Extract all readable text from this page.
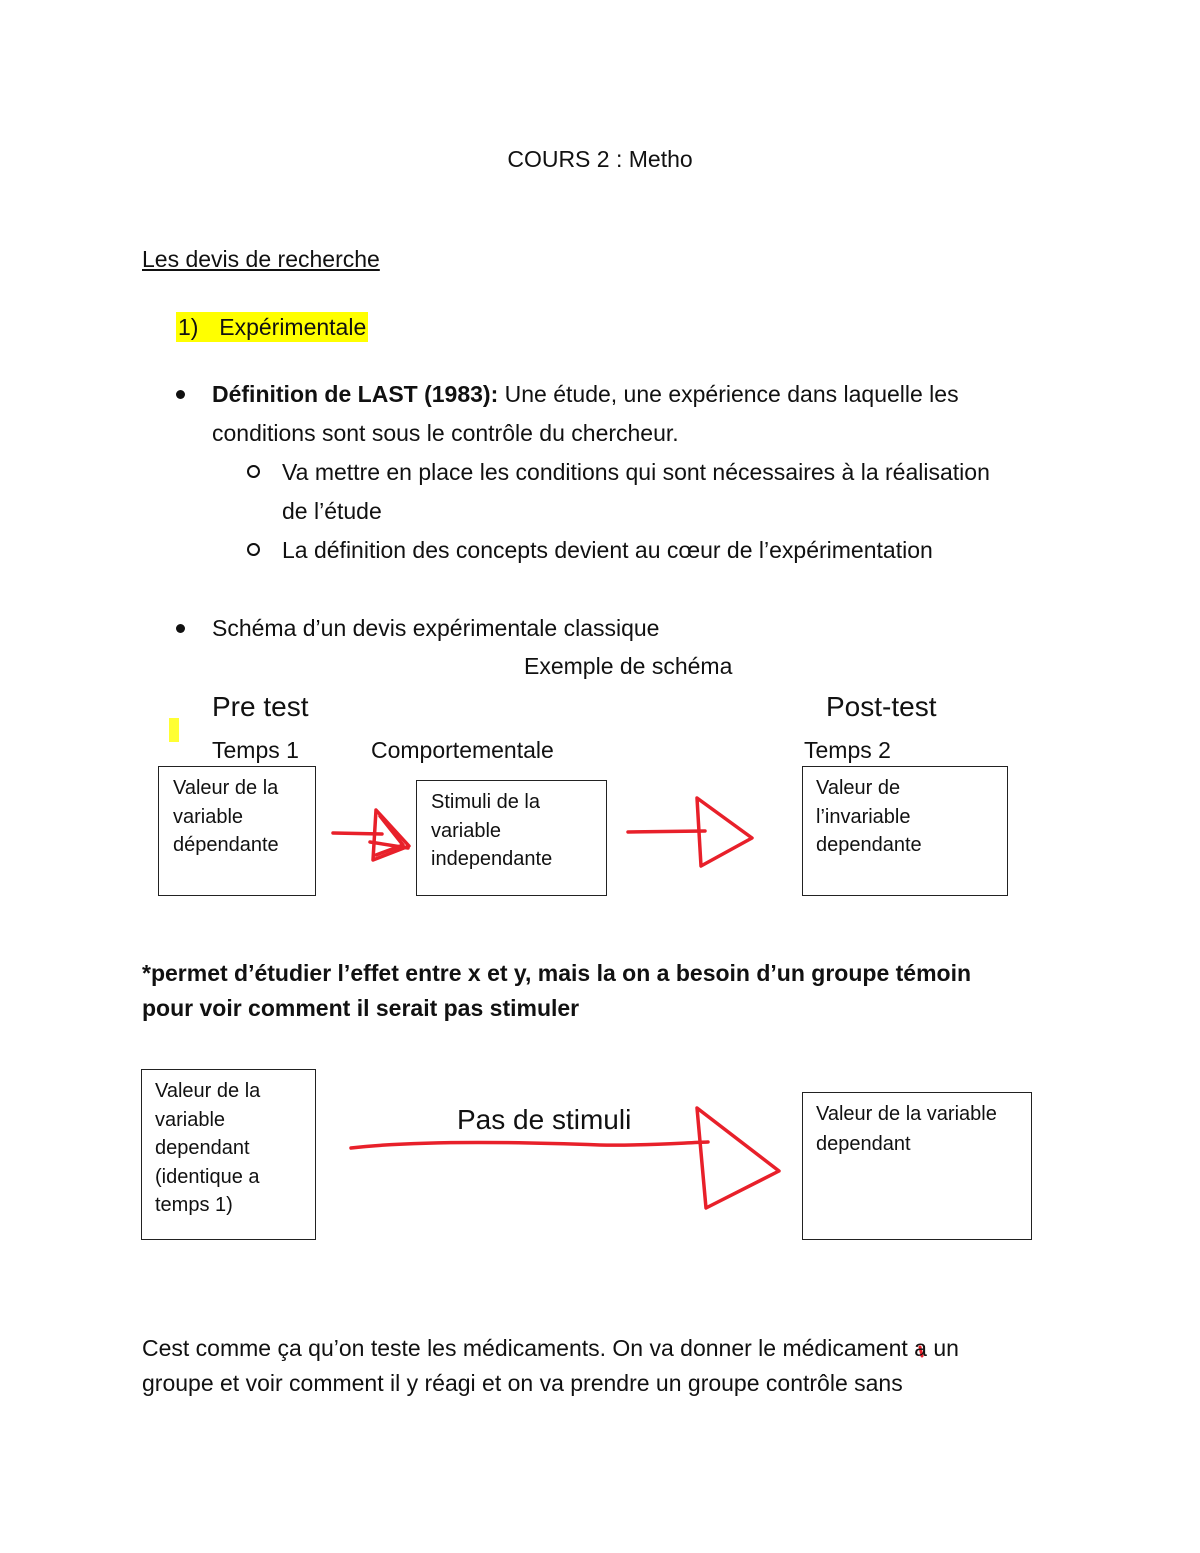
COURS 2 : Metho
Les devis de recherche
1) Expérimentale
Définition de LAST (1983): Une étude, une expérience dans laquelle les
conditions sont sous le contrôle du chercheur.
Va mettre en place les conditions qui sont nécessaires à la réalisation
de l’étude
La définition des concepts devient au cœur de l’expérimentation
Schéma d’un devis expérimentale classique
Exemple de schéma
Pre test	Post-test
Temps 1	Comportementale	Temps 2
Valeur de la
variable
dépendante
Stimuli de la
variable
independante
Valeur de
l’invariable
dependante
*permet d’étudier l’effet entre x et y, mais la on a besoin d’un groupe témoin
pour voir comment il serait pas stimuler
Valeur de la
variable
dependant
(identique a
temps 1)
Pas de stimuli	Valeur de la variable
dependant
Cest comme ça qu’on teste les médicaments. On va donner le médicament a un
groupe et voir comment il y réagi et on va prendre un groupe contrôle sans
